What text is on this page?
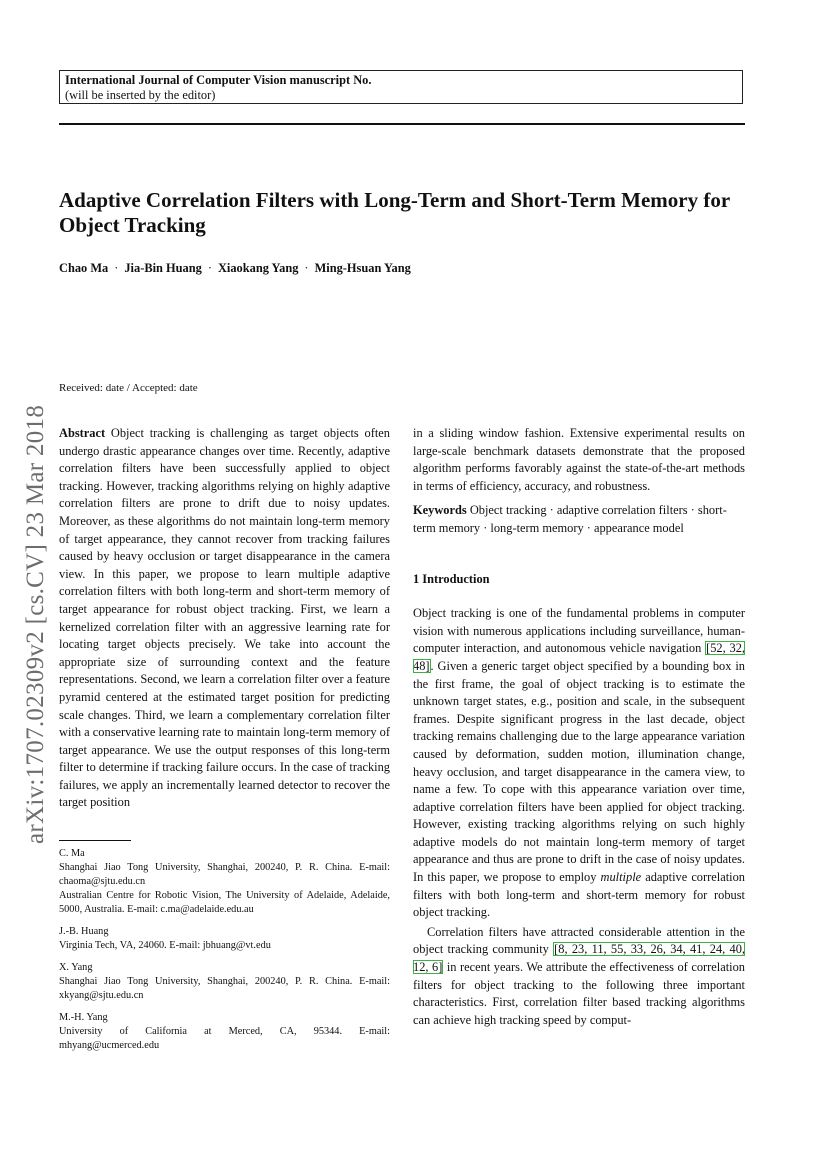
International Journal of Computer Vision manuscript No.
(will be inserted by the editor)
arXiv:1707.02309v2 [cs.CV] 23 Mar 2018
Adaptive Correlation Filters with Long-Term and Short-Term Memory for Object Tracking
Chao Ma · Jia-Bin Huang · Xiaokang Yang · Ming-Hsuan Yang
Received: date / Accepted: date

Abstract Object tracking is challenging as target objects often undergo drastic appearance changes over time. Recently, adaptive correlation filters have been successfully applied to object tracking. However, tracking algorithms relying on highly adaptive correlation filters are prone to drift due to noisy updates. Moreover, as these algorithms do not maintain long-term memory of target appearance, they cannot recover from tracking failures caused by heavy occlusion or target disappearance in the camera view. In this paper, we propose to learn multiple adaptive correlation filters with both long-term and short-term memory of target appearance for robust object tracking. First, we learn a kernelized correlation filter with an aggressive learning rate for locating target objects precisely. We take into account the appropriate size of surrounding context and the feature representations. Second, we learn a correlation filter over a feature pyramid centered at the estimated target position for predicting scale changes. Third, we learn a complementary correlation filter with a conservative learning rate to maintain long-term memory of target appearance. We use the output responses of this long-term filter to determine if tracking failure occurs. In the case of tracking failures, we apply an incrementally learned detector to recover the target position

C. Ma
Shanghai Jiao Tong University, Shanghai, 200240, P. R. China. E-mail: chaoma@sjtu.edu.cn
Australian Centre for Robotic Vision, The University of Adelaide, Adelaide, 5000, Australia. E-mail: c.ma@adelaide.edu.au
J.-B. Huang
Virginia Tech, VA, 24060. E-mail: jbhuang@vt.edu
X. Yang
Shanghai Jiao Tong University, Shanghai, 200240, P. R. China. E-mail: xkyang@sjtu.edu.cn
M.-H. Yang
University of California at Merced, CA, 95344. E-mail: mhyang@ucmerced.edu

in a sliding window fashion. Extensive experimental results on large-scale benchmark datasets demonstrate that the proposed algorithm performs favorably against the state-of-the-art methods in terms of efficiency, accuracy, and robustness.

Keywords Object tracking · adaptive correlation filters · short-term memory · long-term memory · appearance model

1 Introduction

Object tracking is one of the fundamental problems in computer vision with numerous applications including surveillance, human-computer interaction, and autonomous vehicle navigation [52, 32, 48]. Given a generic target object specified by a bounding box in the first frame, the goal of object tracking is to estimate the unknown target states, e.g., position and scale, in the subsequent frames. Despite significant progress in the last decade, object tracking remains challenging due to the large appearance variation caused by deformation, sudden motion, illumination change, heavy occlusion, and target disappearance in the camera view, to name a few. To cope with this appearance variation over time, adaptive correlation filters have been applied for object tracking. However, existing tracking algorithms relying on such highly adaptive models do not maintain long-term memory of target appearance and thus are prone to drift in the case of noisy updates. In this paper, we propose to employ multiple adaptive correlation filters with both long-term and short-term memory for robust object tracking.

Correlation filters have attracted considerable attention in the object tracking community [8, 23, 11, 55, 33, 26, 34, 41, 24, 40, 12, 6] in recent years. We attribute the effectiveness of correlation filters for object tracking to the following three important characteristics. First, correlation filter based tracking algorithms can achieve high tracking speed by comput-
